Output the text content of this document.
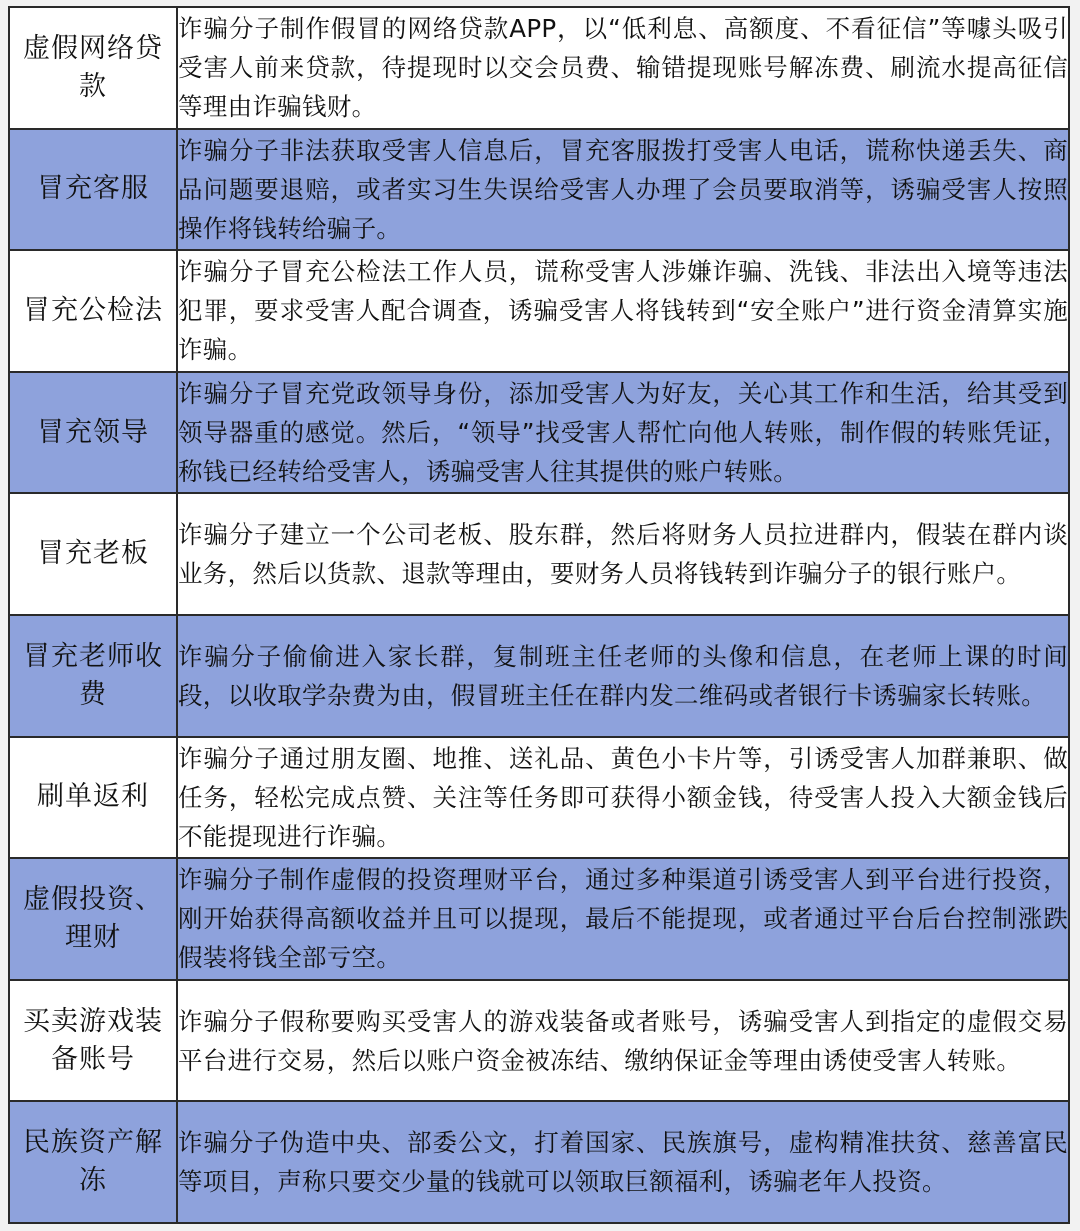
虚假网络贷款	诈骗分子制作假冒的网络贷款APP，以“低利息、高额度、不看征信”等噱头吸引受害人前来贷款，待提现时以交会员费、输错提现账号解冻费、刷流水提高征信等理由诈骗钱财。
冒充客服	诈骗分子非法获取受害人信息后，冒充客服拨打受害人电话，谎称快递丢失、商品问题要退赔，或者实习生失误给受害人办理了会员要取消等，诱骗受害人按照操作将钱转给骗子。
冒充公检法	诈骗分子冒充公检法工作人员，谎称受害人涉嫌诈骗、洗钱、非法出入境等违法犯罪，要求受害人配合调查，诱骗受害人将钱转到“安全账户”进行资金清算实施诈骗。
冒充领导	诈骗分子冒充党政领导身份，添加受害人为好友，关心其工作和生活，给其受到领导器重的感觉。然后，“领导”找受害人帮忙向他人转账，制作假的转账凭证，称钱已经转给受害人，诱骗受害人往其提供的账户转账。
冒充老板	诈骗分子建立一个公司老板、股东群，然后将财务人员拉进群内，假装在群内谈业务，然后以货款、退款等理由，要财务人员将钱转到诈骗分子的银行账户。
冒充老师收费	诈骗分子偷偷进入家长群，复制班主任老师的头像和信息，在老师上课的时间段，以收取学杂费为由，假冒班主任在群内发二维码或者银行卡诱骗家长转账。
刷单返利	诈骗分子通过朋友圈、地推、送礼品、黄色小卡片等，引诱受害人加群兼职、做任务，轻松完成点赞、关注等任务即可获得小额金钱，待受害人投入大额金钱后不能提现进行诈骗。
虚假投资、理财	诈骗分子制作虚假的投资理财平台，通过多种渠道引诱受害人到平台进行投资，刚开始获得高额收益并且可以提现，最后不能提现，或者通过平台后台控制涨跌假装将钱全部亏空。
买卖游戏装备账号	诈骗分子假称要购买受害人的游戏装备或者账号，诱骗受害人到指定的虚假交易平台进行交易，然后以账户资金被冻结、缴纳保证金等理由诱使受害人转账。
民族资产解冻	诈骗分子伪造中央、部委公文，打着国家、民族旗号，虚构精准扶贫、慈善富民等项目，声称只要交少量的钱就可以领取巨额福利，诱骗老年人投资。
